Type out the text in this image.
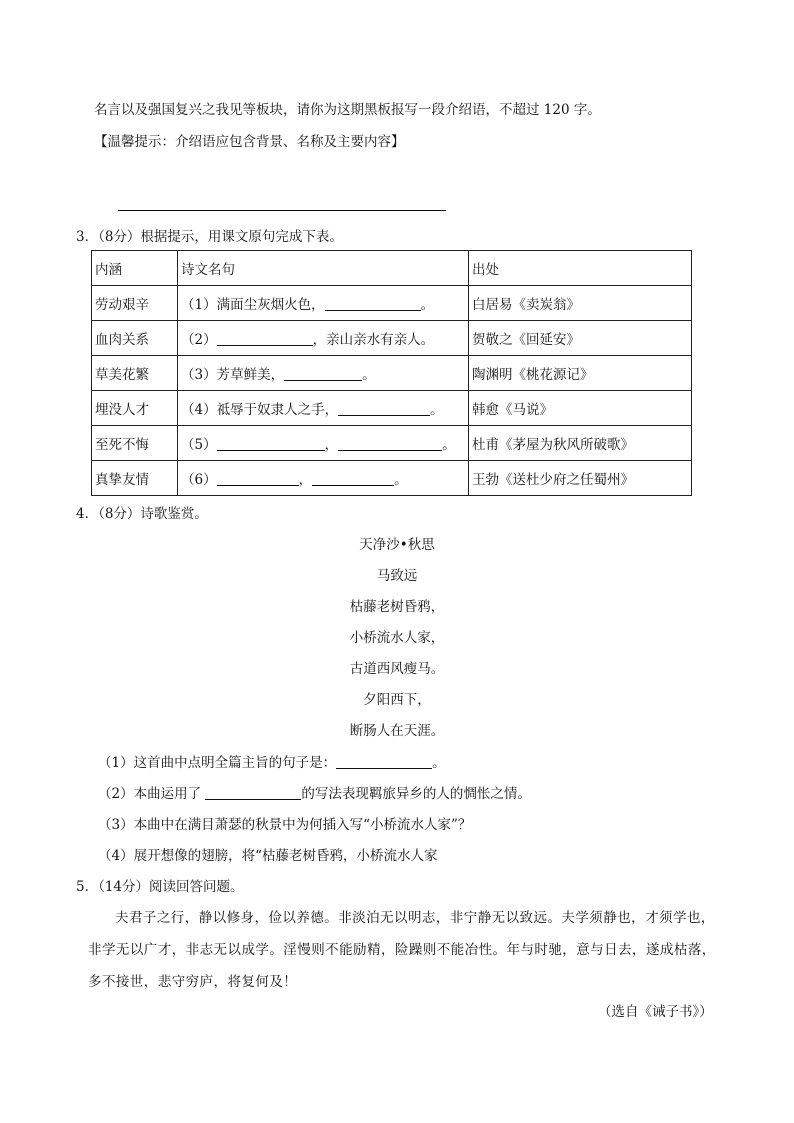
名言以及强国复兴之我见等板块，请你为这期黑板报写一段介绍语，不超过 120 字。
【温馨提示：介绍语应包含背景、名称及主要内容】
3．（8分）根据提示，用课文原句完成下表。
内涵	诗文名句	出处
劳动艰辛	（1）满面尘灰烟火色， 。	白居易《卖炭翁》
血肉关系	（2） ，亲山亲水有亲人。	贺敬之《回延安》
草美花繁	（3）芳草鲜美， 。	陶渊明《桃花源记》
埋没人才	（4）祗辱于奴隶人之手， 。	韩愈《马说》
至死不悔	（5） ， 。	杜甫《茅屋为秋风所破歌》
真挚友情	（6） ， 。	王勃《送杜少府之任蜀州》
4．（8分）诗歌鉴赏。
天净沙•秋思
马致远
枯藤老树昏鸦，
小桥流水人家，
古道西风瘦马。
夕阳西下，
断肠人在天涯。
（1）这首曲中点明全篇主旨的句子是：	。
（2）本曲运用了	的写法表现羁旅异乡的人的惆怅之情。
（3）本曲中在满目萧瑟的秋景中为何插入写“小桥流水人家”？
（4）展开想像的翅膀，将“枯藤老树昏鸦，小桥流水人家
5．（14分）阅读回答问题。
夫君子之行，静以修身，俭以养德。非淡泊无以明志，非宁静无以致远。夫学须静也，才须学也，非学无以广才，非志无以成学。淫慢则不能励精，险躁则不能冶性。年与时驰，意与日去，遂成枯落，多不接世，悲守穷庐，将复何及！
（选自《诫子书》）
